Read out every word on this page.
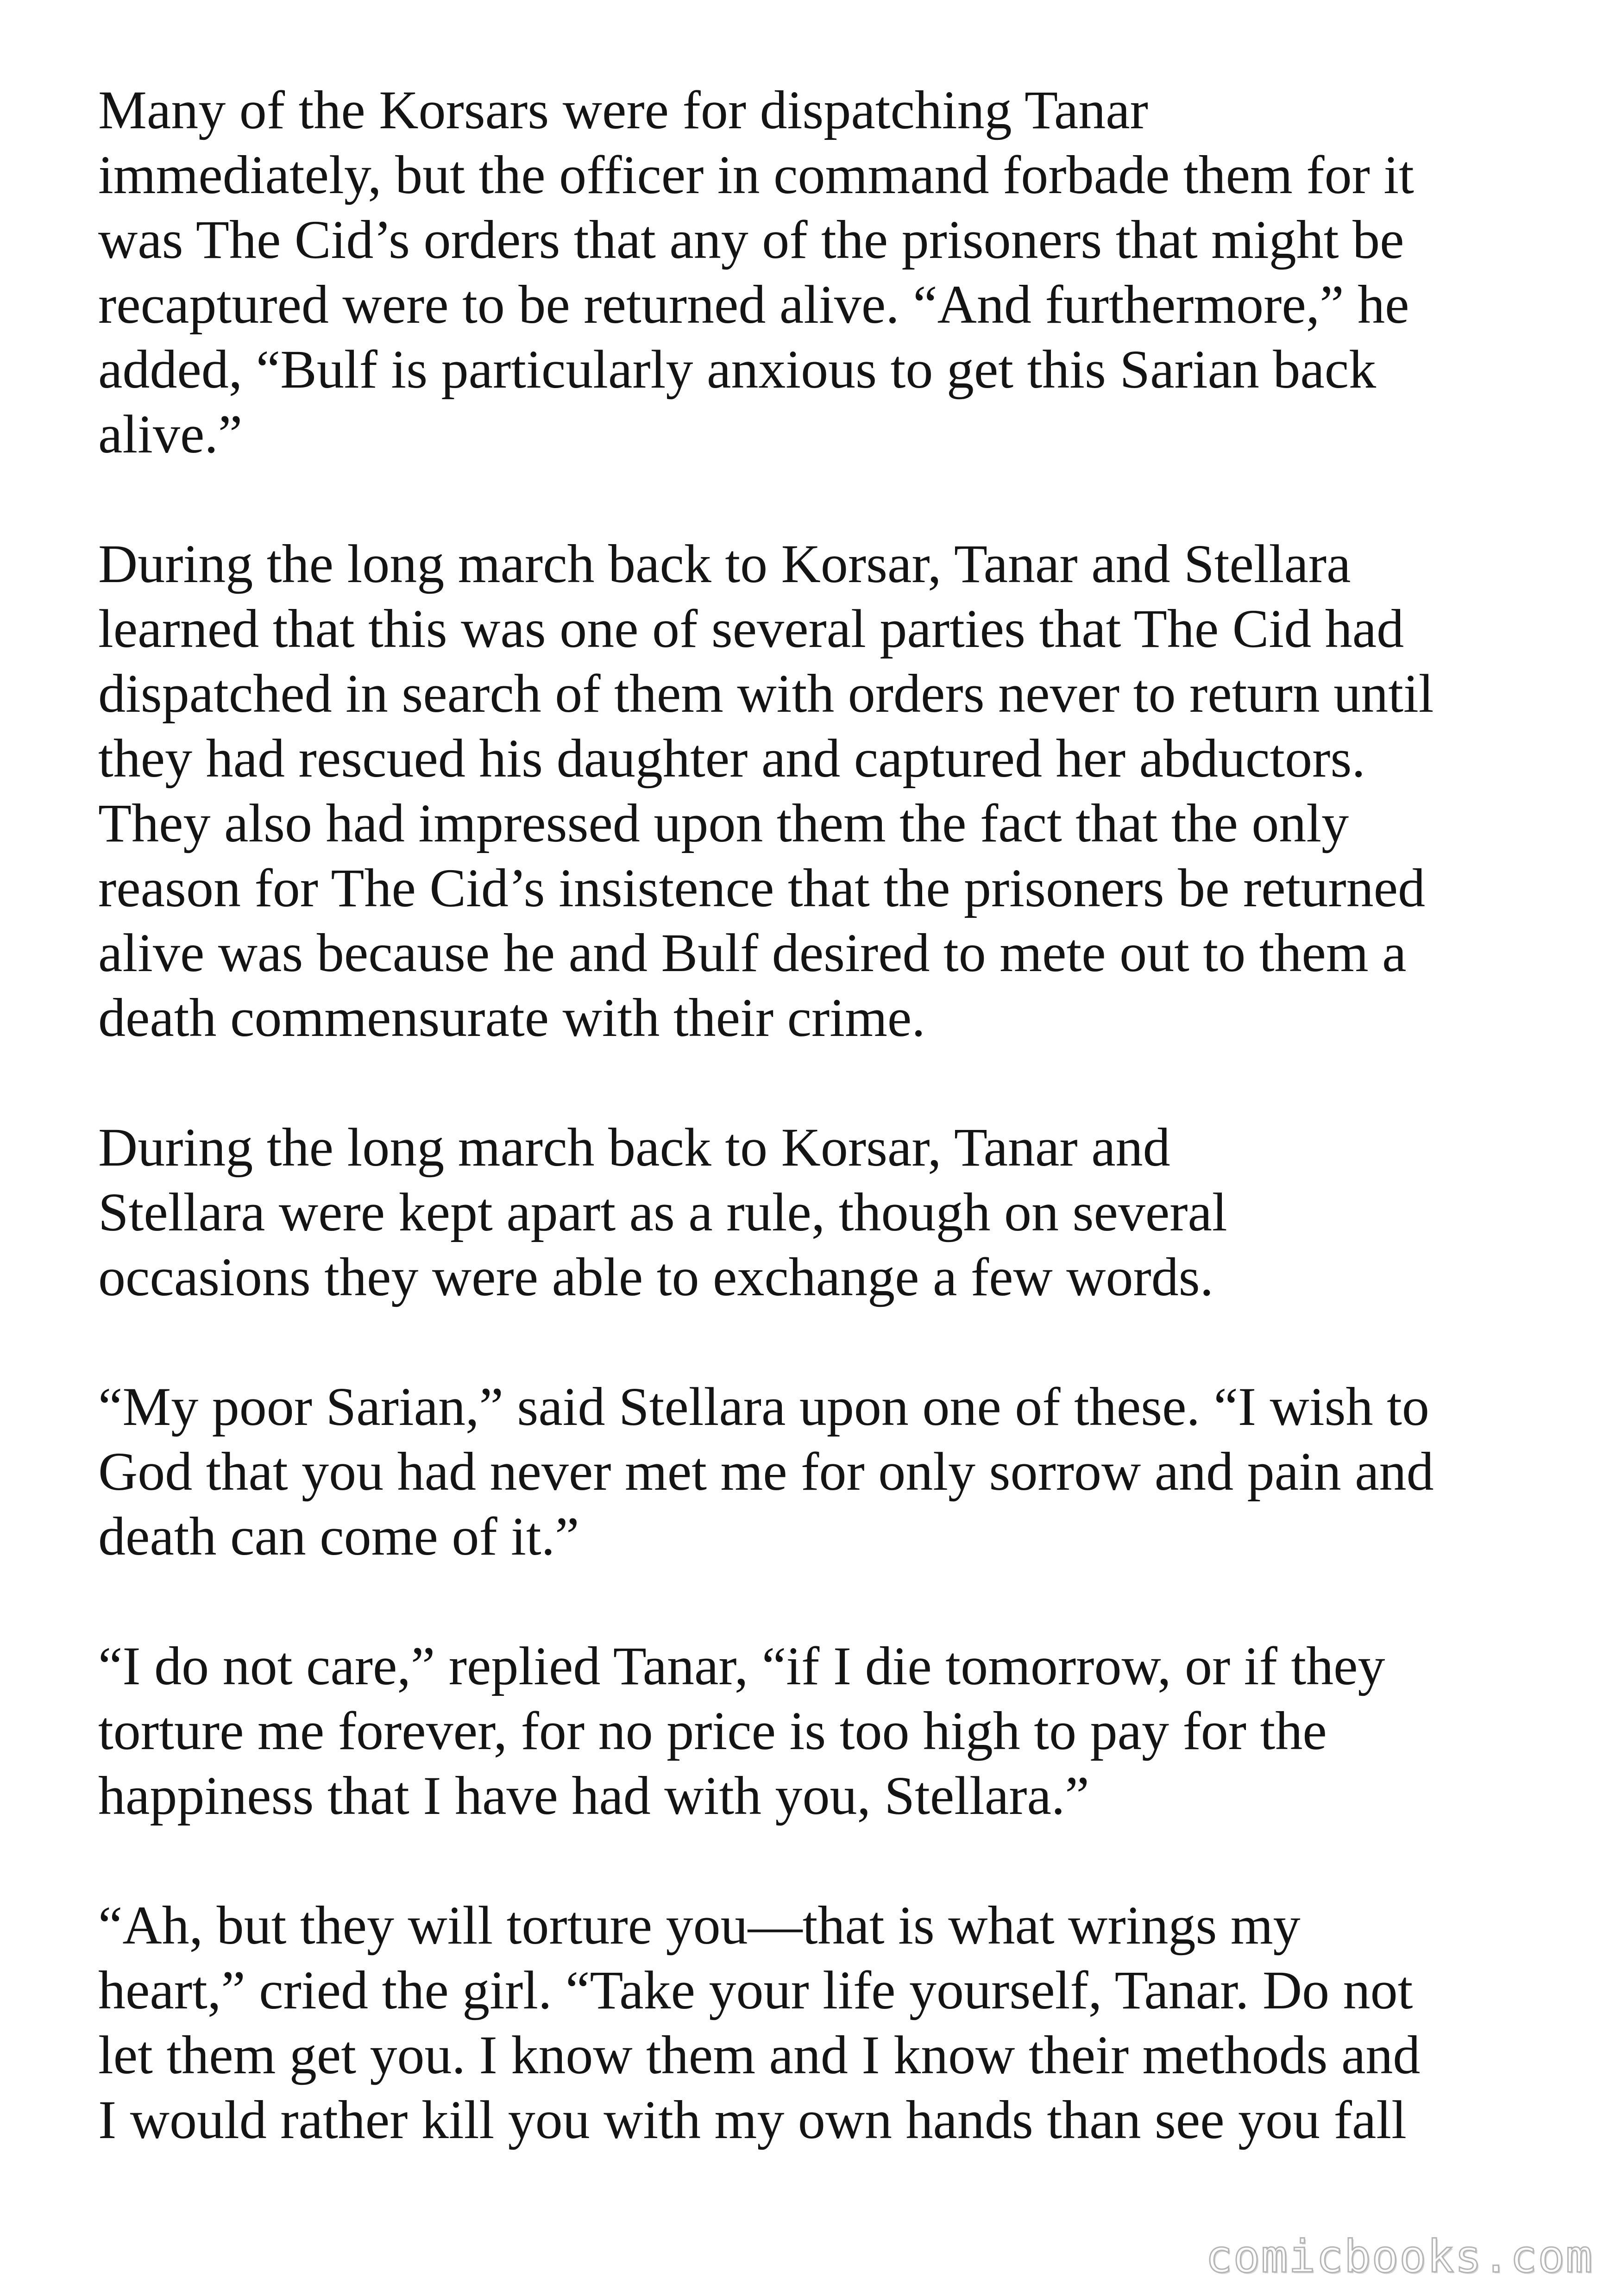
Many of the Korsars were for dispatching Tanar
immediately, but the officer in command forbade them for it
was The Cid’s orders that any of the prisoners that might be
recaptured were to be returned alive. “And furthermore,” he
added, “Bulf is particularly anxious to get this Sarian back
alive.”

During the long march back to Korsar, Tanar and Stellara
learned that this was one of several parties that The Cid had
dispatched in search of them with orders never to return until
they had rescued his daughter and captured her abductors.
They also had impressed upon them the fact that the only
reason for The Cid’s insistence that the prisoners be returned
alive was because he and Bulf desired to mete out to them a
death commensurate with their crime.

During the long march back to Korsar, Tanar and
Stellara were kept apart as a rule, though on several
occasions they were able to exchange a few words.

“My poor Sarian,” said Stellara upon one of these. “I wish to
God that you had never met me for only sorrow and pain and
death can come of it.”

“I do not care,” replied Tanar, “if I die tomorrow, or if they
torture me forever, for no price is too high to pay for the
happiness that I have had with you, Stellara.”

“Ah, but they will torture you—that is what wrings my
heart,” cried the girl. “Take your life yourself, Tanar. Do not
let them get you. I know them and I know their methods and
I would rather kill you with my own hands than see you fall

comicbooks.com
